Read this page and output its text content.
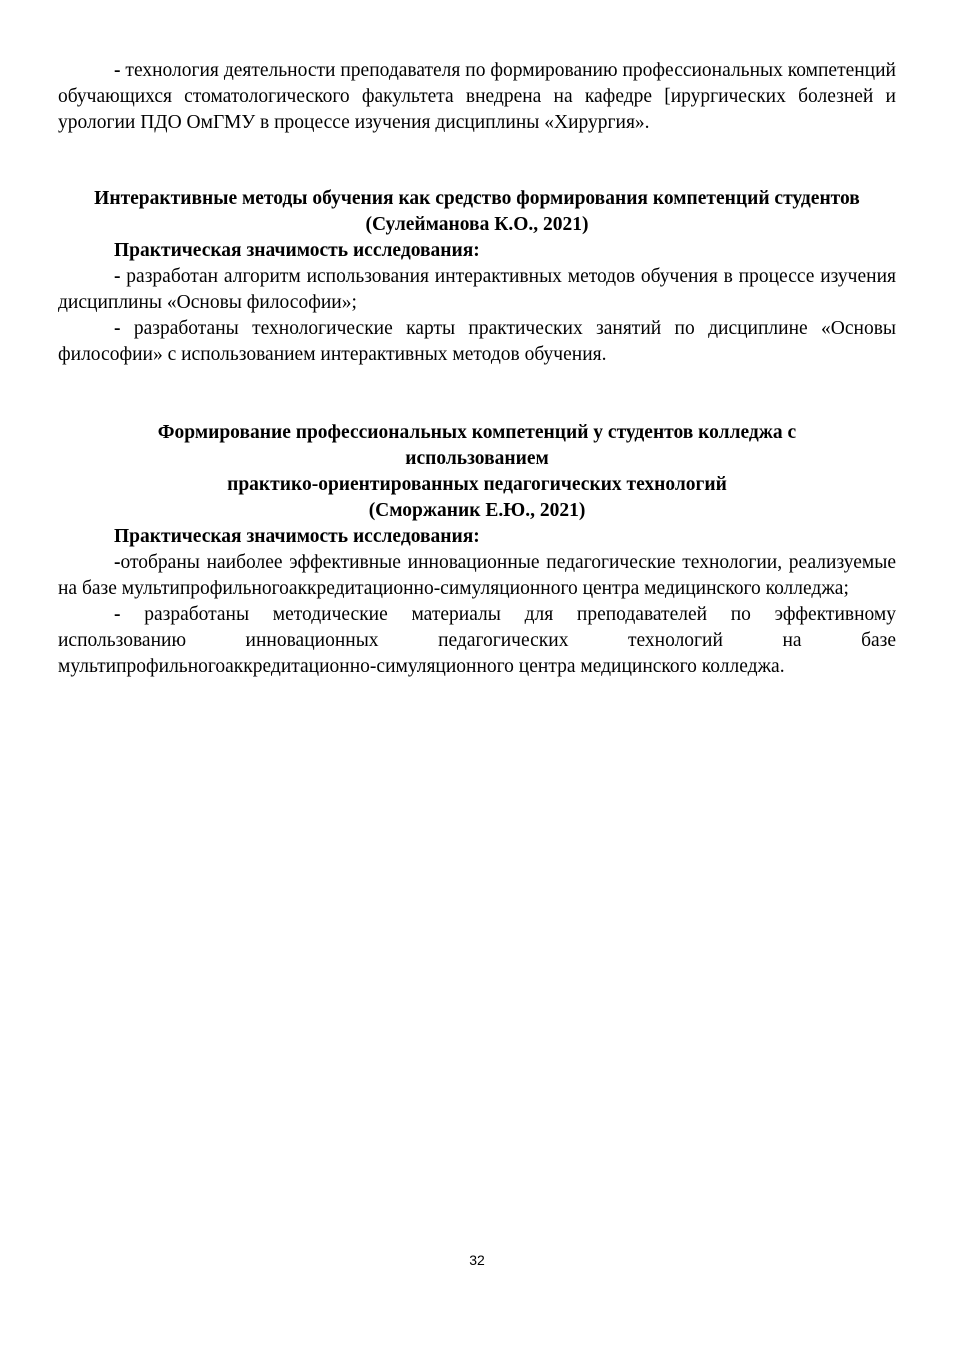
- технология деятельности преподавателя по формированию профессиональных компетенций обучающихся стоматологического факультета внедрена на кафедре [ирургических болезней и урологии ПДО ОмГМУ в процессе изучения дисциплины «Хирургия».

Интерактивные методы обучения как средство формирования компетенций студентов
(Сулейманова К.О., 2021)
Практическая значимость исследования:

- разработан алгоритм использования интерактивных методов обучения в процессе изучения дисциплины «Основы философии»;

- разработаны технологические карты практических занятий по дисциплине «Основы философии» с использованием интерактивных методов обучения.

Формирование профессиональных компетенций у студентов колледжа с использованием
практико-ориентированных педагогических технологий
(Сморжаник Е.Ю., 2021)
Практическая значимость исследования:

-отобраны наиболее эффективные инновационные педагогические технологии, реализуемые на базе мультипрофильногоаккредитационно-симуляционного центра медицинского колледжа;

- разработаны методические материалы для преподавателей по эффективному использованию инновационных педагогических технологий на базе мультипрофильногоаккредитационно-симуляционного центра медицинского колледжа.

32
